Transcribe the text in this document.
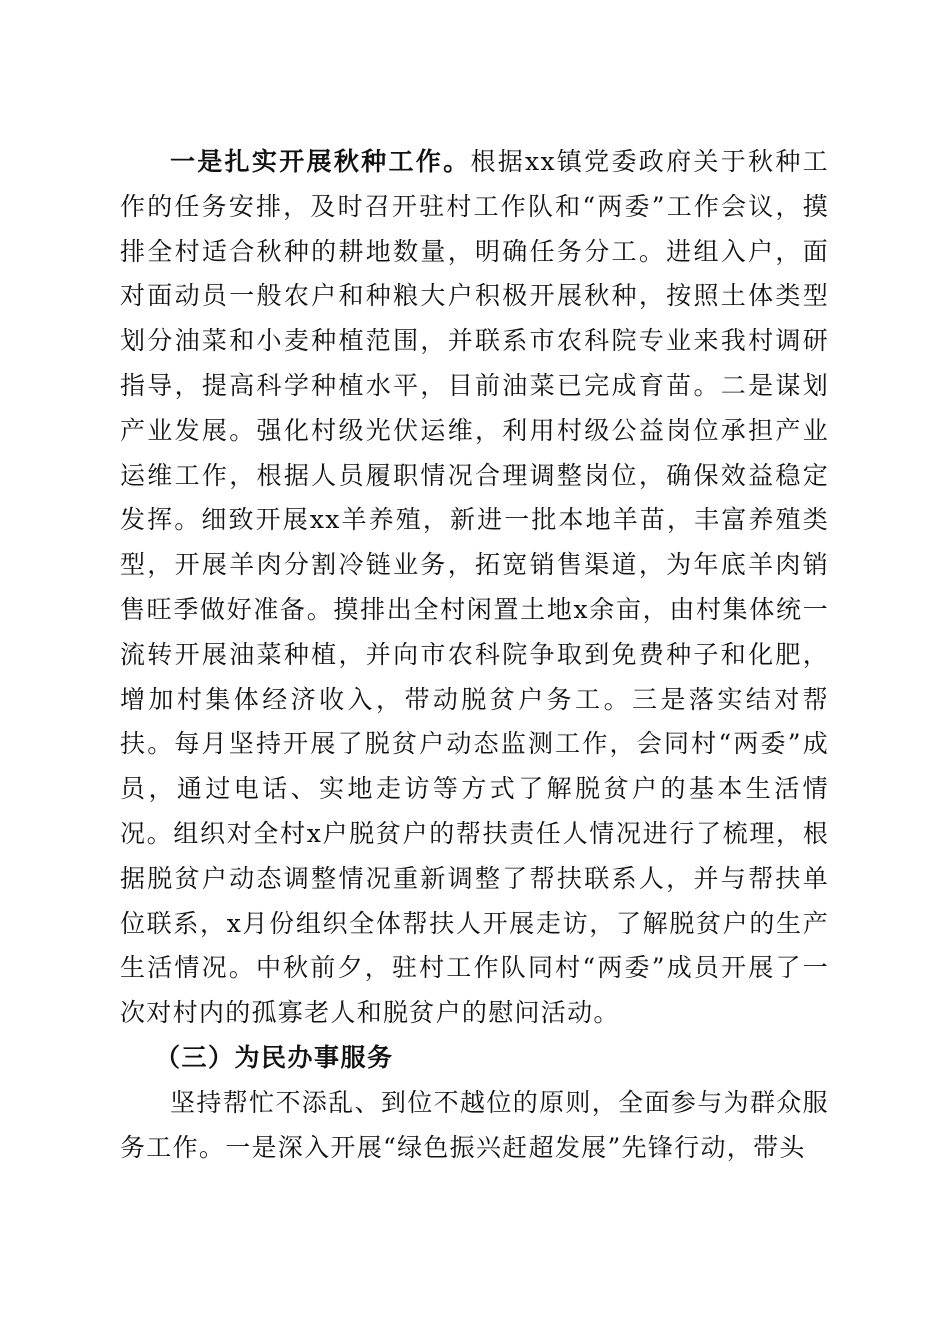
一是扎实开展秋种工作。根据xx镇党委政府关于秋种工作的任务安排，及时召开驻村工作队和“两委”工作会议，摸排全村适合秋种的耕地数量，明确任务分工。进组入户，面对面动员一般农户和种粮大户积极开展秋种，按照土体类型划分油菜和小麦种植范围，并联系市农科院专业来我村调研指导，提高科学种植水平，目前油菜已完成育苗。二是谋划产业发展。强化村级光伏运维，利用村级公益岗位承担产业运维工作，根据人员履职情况合理调整岗位，确保效益稳定发挥。细致开展xx羊养殖，新进一批本地羊苗，丰富养殖类型，开展羊肉分割冷链业务，拓宽销售渠道，为年底羊肉销售旺季做好准备。摸排出全村闲置土地x余亩，由村集体统一流转开展油菜种植，并向市农科院争取到免费种子和化肥，增加村集体经济收入，带动脱贫户务工。三是落实结对帮扶。每月坚持开展了脱贫户动态监测工作，会同村“两委”成员，通过电话、实地走访等方式了解脱贫户的基本生活情况。组织对全村x户脱贫户的帮扶责任人情况进行了梳理，根据脱贫户动态调整情况重新调整了帮扶联系人，并与帮扶单位联系，x月份组织全体帮扶人开展走访，了解脱贫户的生产生活情况。中秋前夕，驻村工作队同村“两委”成员开展了一次对村内的孤寡老人和脱贫户的慰问活动。

（三）为民办事服务

坚持帮忙不添乱、到位不越位的原则，全面参与为群众服务工作。一是深入开展“绿色振兴赶超发展”先锋行动，带头
